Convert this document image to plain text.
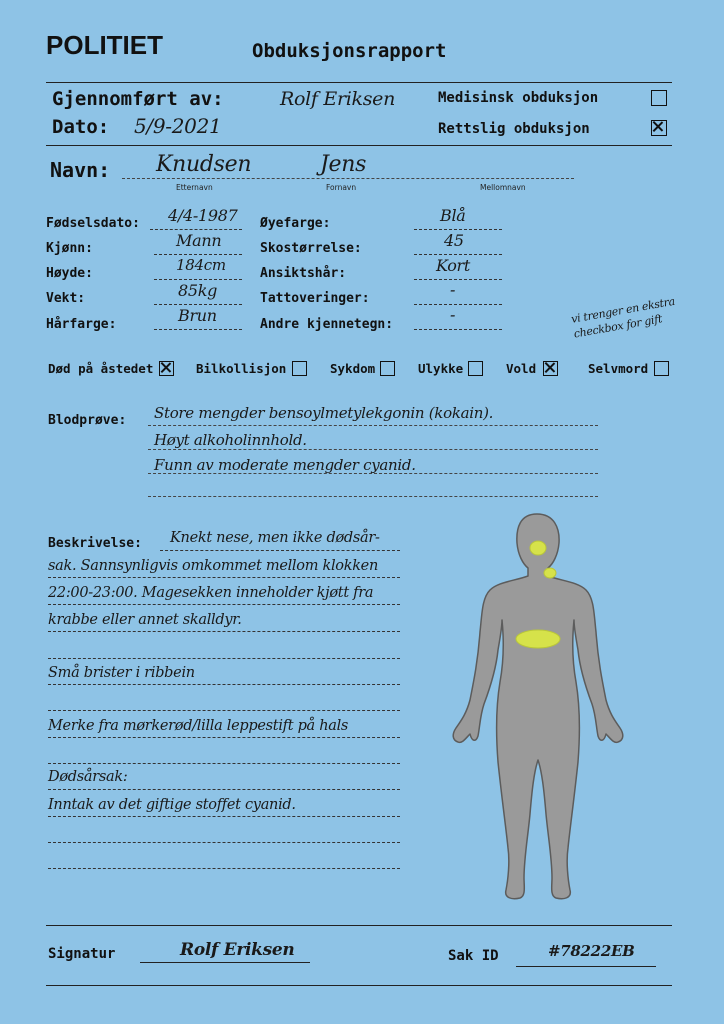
POLITIET	Obduksjonsrapport
Gjennomført av:	Rolf Eriksen
Dato: 5/9-2021
Medisinsk obduksjon
Rettslig obduksjon
Navn: Knudsen	Jens
Etternavn	Fornavn	Mellomnavn
Fødselsdato: 4/4-1987
Kjønn:	Mann
Høyde:	184cm
Vekt:	85kg
Hårfarge:	Brun
Øyefarge:	Blå
Skostørrelse:	45
Ansiktshår:	Kort
Tattoveringer:	-
Andre kjennetegn:
-	vi trenger en ekstra checkbox for gift
Død på åstedet	Bilkollisjon	Sykdom	Ulykke	Vold	Selvmord
Blodprøve: Store mengder bensoylmetylekgonin (kokain).
Høyt alkoholinnhold.
Funn av moderate mengder cyanid.
Beskrivelse: Knekt nese, men ikke dødsår-
sak. Sannsynligvis omkommet mellom klokken
22:00-23:00. Magesekken inneholder kjøtt fra
krabbe eller annet skalldyr.
Små brister i ribbein
Merke fra mørkerød/lilla leppestift på hals
Dødsårsak:
Inntak av det giftige stoffet cyanid.
Signatur	Rolf Eriksen	Sak ID	#78222EB
